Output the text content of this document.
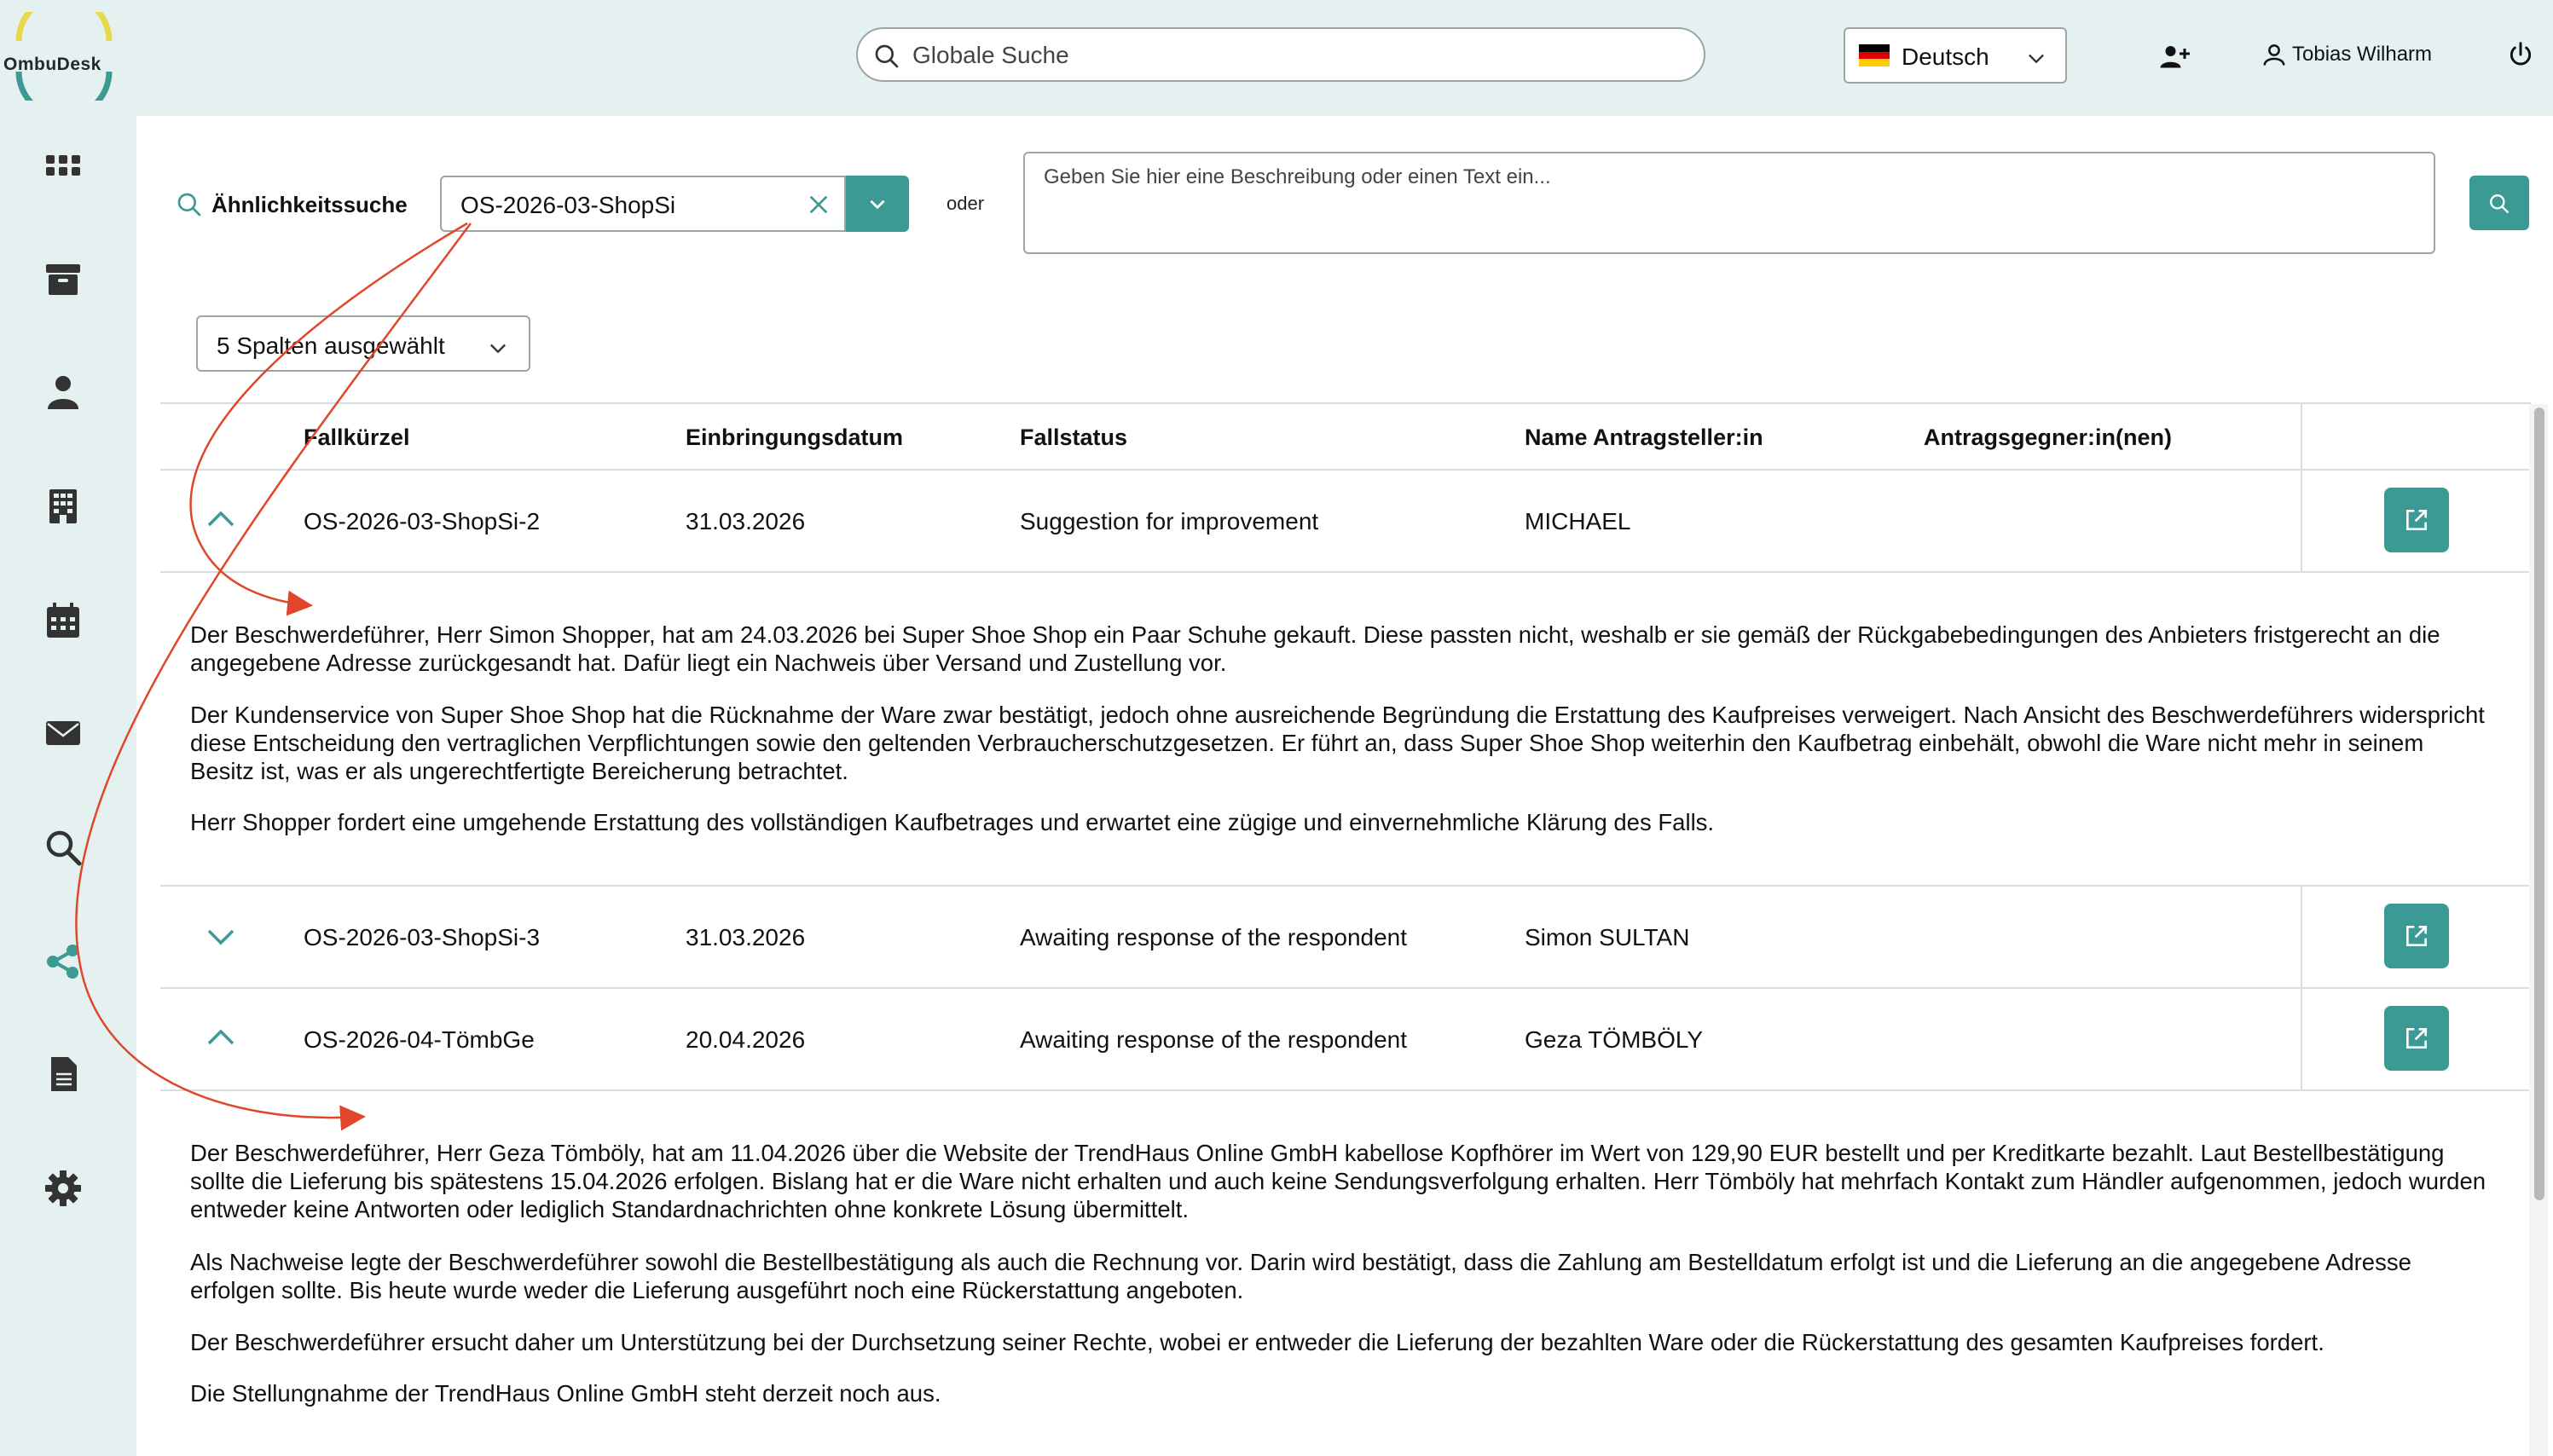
OmbuDesk
Globale Suche	Deutsch	Tobias Wilharm
Ähnlichkeitssuche OS-2026-03-ShopSi	oder
Geben Sie hier eine Beschreibung oder einen Text ein...
5 Spalten ausgewählt
Fallkürzel	Einbringungsdatum	Fallstatus	Name Antragsteller:in	Antragsgegner:in(nen)
OS-2026-03-ShopSi-2	31.03.2026	Suggestion for improvement	MICHAEL

Der Beschwerdeführer, Herr Simon Shopper, hat am 24.03.2026 bei Super Shoe Shop ein Paar Schuhe gekauft. Diese passten nicht, weshalb er sie gemäß der Rückgabebedingungen des Anbieters fristgerecht an die angegebene Adresse zurückgesandt hat. Dafür liegt ein Nachweis über Versand und Zustellung vor.

Der Kundenservice von Super Shoe Shop hat die Rücknahme der Ware zwar bestätigt, jedoch ohne ausreichende Begründung die Erstattung des Kaufpreises verweigert. Nach Ansicht des Beschwerdeführers widerspricht diese Entscheidung den vertraglichen Verpflichtungen sowie den geltenden Verbraucherschutzgesetzen. Er führt an, dass Super Shoe Shop weiterhin den Kaufbetrag einbehält, obwohl die Ware nicht mehr in seinem Besitz ist, was er als ungerechtfertigte Bereicherung betrachtet.

Herr Shopper fordert eine umgehende Erstattung des vollständigen Kaufbetrages und erwartet eine zügige und einvernehmliche Klärung des Falls.

OS-2026-03-ShopSi-3	31.03.2026	Awaiting response of the respondent	Simon SULTAN
OS-2026-04-TömbGe	20.04.2026	Awaiting response of the respondent	Geza TÖMBÖLY

Der Beschwerdeführer, Herr Geza Tömböly, hat am 11.04.2026 über die Website der TrendHaus Online GmbH kabellose Kopfhörer im Wert von 129,90 EUR bestellt und per Kreditkarte bezahlt. Laut Bestellbestätigung sollte die Lieferung bis spätestens 15.04.2026 erfolgen. Bislang hat er die Ware nicht erhalten und auch keine Sendungsverfolgung erhalten. Herr Tömböly hat mehrfach Kontakt zum Händler aufgenommen, jedoch wurden entweder keine Antworten oder lediglich Standardnachrichten ohne konkrete Lösung übermittelt.

Als Nachweise legte der Beschwerdeführer sowohl die Bestellbestätigung als auch die Rechnung vor. Darin wird bestätigt, dass die Zahlung am Bestelldatum erfolgt ist und die Lieferung an die angegebene Adresse erfolgen sollte. Bis heute wurde weder die Lieferung ausgeführt noch eine Rückerstattung angeboten.

Der Beschwerdeführer ersucht daher um Unterstützung bei der Durchsetzung seiner Rechte, wobei er entweder die Lieferung der bezahlten Ware oder die Rückerstattung des gesamten Kaufpreises fordert.

Die Stellungnahme der TrendHaus Online GmbH steht derzeit noch aus.
